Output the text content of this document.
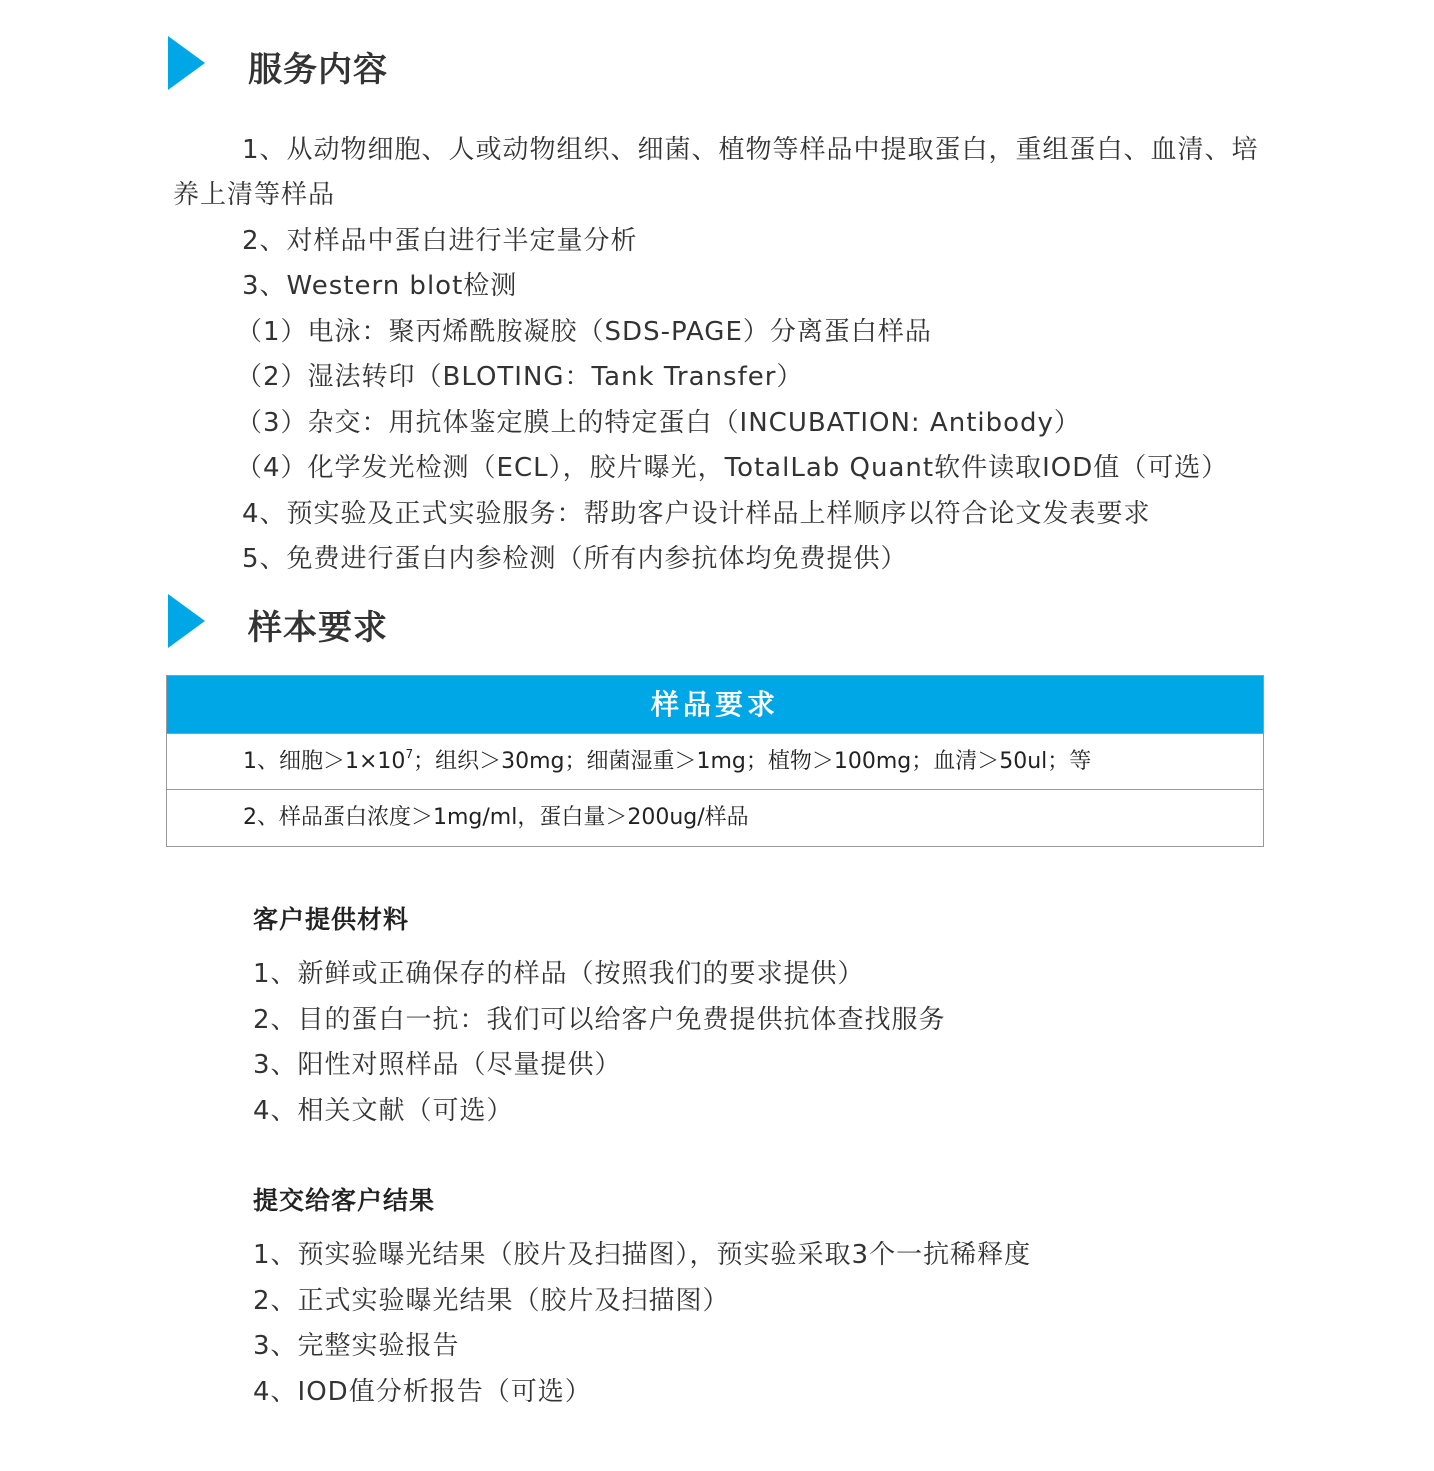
服务内容
1、从动物细胞、人或动物组织、细菌、植物等样品中提取蛋白，重组蛋白、血清、培
养上清等样品
2、对样品中蛋白进行半定量分析
3、Western blot检测
（1）电泳：聚丙烯酰胺凝胶（SDS-PAGE）分离蛋白样品
（2）湿法转印（BLOTING：Tank Transfer）
（3）杂交：用抗体鉴定膜上的特定蛋白（INCUBATION: Antibody）
（4）化学发光检测（ECL），胶片曝光，TotalLab Quant软件读取IOD值（可选）
4、预实验及正式实验服务：帮助客户设计样品上样顺序以符合论文发表要求
5、免费进行蛋白内参检测（所有内参抗体均免费提供）
样本要求
样品要求
1、细胞$>1\times 10^7$；组织＞30mg；细菌湿重＞1mg；植物＞100mg；血清＞50ul；等
2、样品蛋白浓度＞1mg/ml，蛋白量＞200ug/样品
客户提供材料
1、新鲜或正确保存的样品（按照我们的要求提供）
2、目的蛋白一抗：我们可以给客户免费提供抗体查找服务
3、阳性对照样品（尽量提供）
4、相关文献（可选）
提交给客户结果
1、预实验曝光结果（胶片及扫描图），预实验采取3个一抗稀释度
2、正式实验曝光结果（胶片及扫描图）
3、完整实验报告
4、IOD值分析报告（可选）
